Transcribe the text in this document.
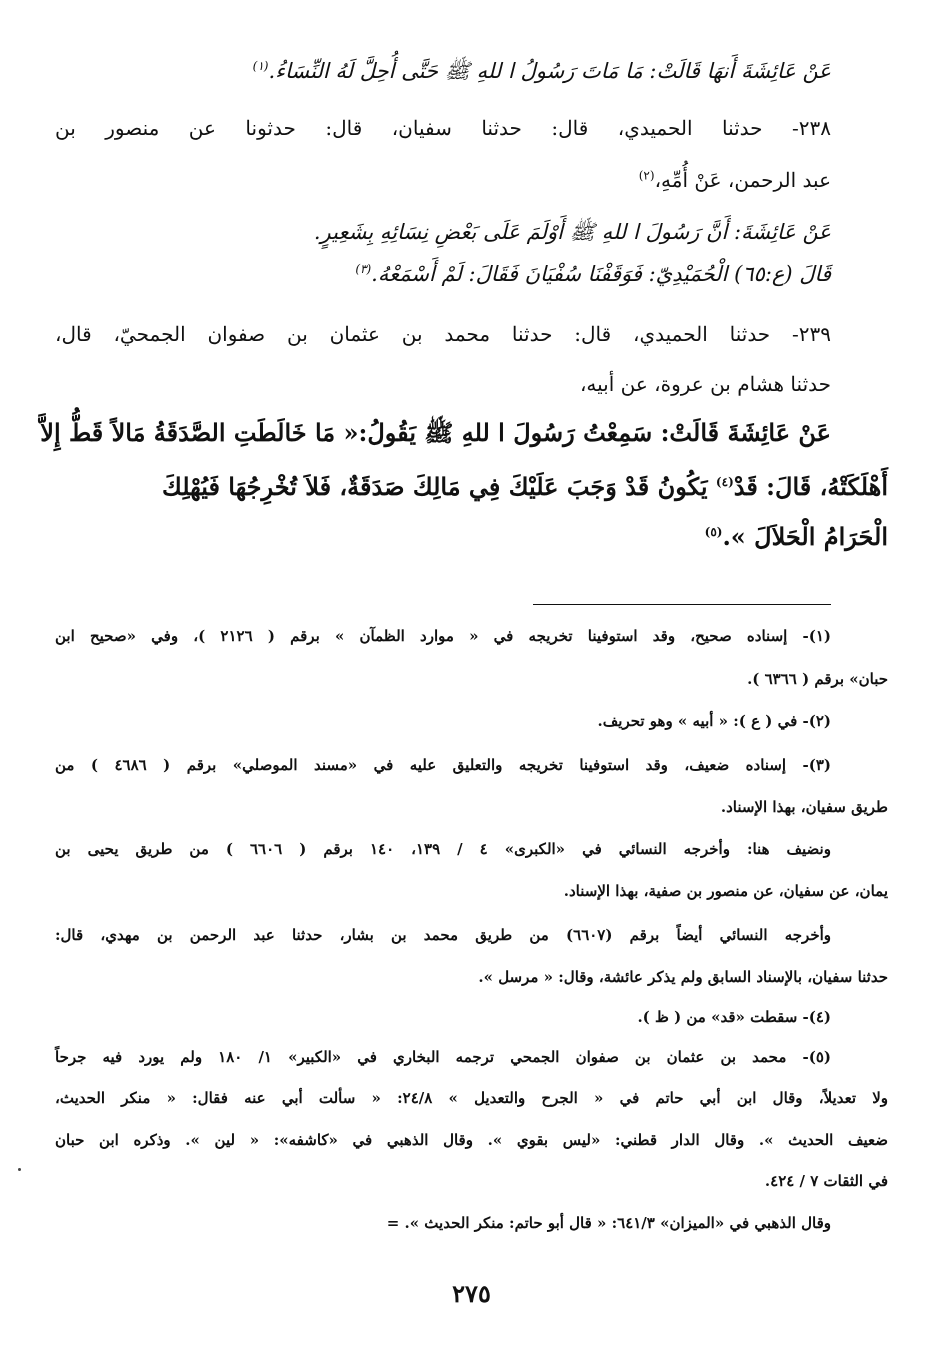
عَنْ عَائِشَةَ أَنهَا قَالَتْ: مَا مَاتَ رَسُولُ ا للهِ ﷺ حَتَّى أُحِلَّ لَهُ النِّسَاءُ.$^{(١)}$
٢٣٨- حدثنا الحميدي، قال: حدثنا سفيان، قال: حدثونا عن منصور بن
عبد الرحمن، عَنْ أُمِّهِ،$^{(٢)}$
عَنْ عَائِشَةَ: أَنَّ رَسُولَ ا للهِ ﷺ أَوْلَمَ عَلَى بَعْضِ نِسَائِهِ بِشَعِيرٍ.
قَالَ (ع:٦٥) الْحُمَيْدِيّ: فَوَقَفْنَا سُفْيَانَ فَقَالَ: لَمْ أَسْمَعْهُ.$^{(٣)}$
٢٣٩- حدثنا الحميدي، قال: حدثنا محمد بن عثمان بن صفوان الجمحيّ، قال،
حدثنا هشام بن عروة، عن أبيه،
عَنْ عَائِشَةَ قَالَتْ: سَمِعْتُ رَسُولَ ا للهِ ﷺ يَقُولُ:« مَا خَالَطَتِ الصَّدَقَةُ مَالاً قَطُّ إِلاَّ
أَهْلَكَتْهُ، قَالَ: قَدْ$^{(٤)}$ يَكُونُ قَدْ وَجَبَ عَلَيْكَ فِي مَالِكَ صَدَقَةٌ، فَلاَ تُخْرِجُهَا فَيُهْلِكَ
الْحَرَامُ الْحَلاَلَ ».$^{(٥)}$
(١)- إسناده صحيح، وقد استوفينا تخريجه في « موارد الظمآن » برقم ( ٢١٢٦ )، وفي «صحيح ابن
حبان» برقم ( ٦٣٦٦ ).
(٢)- في ( ع ): « أبيه » وهو تحريف.
(٣)- إسناده ضعيف، وقد استوفينا تخريجه والتعليق عليه في «مسند الموصلي» برقم ( ٤٦٨٦ ) من
طريق سفيان، بهذا الإسناد.
ونضيف هنا: وأخرجه النسائي في «الكبرى» ٤ / ١٣٩، ١٤٠ برقم ( ٦٦٠٦ ) من طريق يحيى بن
يمان، عن سفيان، عن منصور بن صفية، بهذا الإسناد.
وأخرجه النسائي أيضاً برقم (٦٦٠٧) من طريق محمد بن بشار، حدثنا عبد الرحمن بن مهدي، قال:
حدثنا سفيان، بالإسناد السابق ولم يذكر عائشة، وقال: « مرسل ».
(٤)- سقطت «قد» من ( ظ ).
(٥)- محمد بن عثمان بن صفوان الجمحي ترجمه البخاري في «الكبير» ١/ ١٨٠ ولم يورد فيه جرحاً
ولا تعديلاً، وقال ابن أبي حاتم في « الجرح والتعديل » ٢٤/٨: « سألت أبي عنه فقال: « منكر الحديث،
ضعيف الحديث ». وقال الدار قطني: «ليس بقوي ». وقال الذهبي في «كاشفه»: « لين ». وذكره ابن حبان
في الثقات ٧ / ٤٢٤.
وقال الذهبي في «الميزان» ٦٤١/٣: « قال أبو حاتم: منكر الحديث ». =
٢٧٥
